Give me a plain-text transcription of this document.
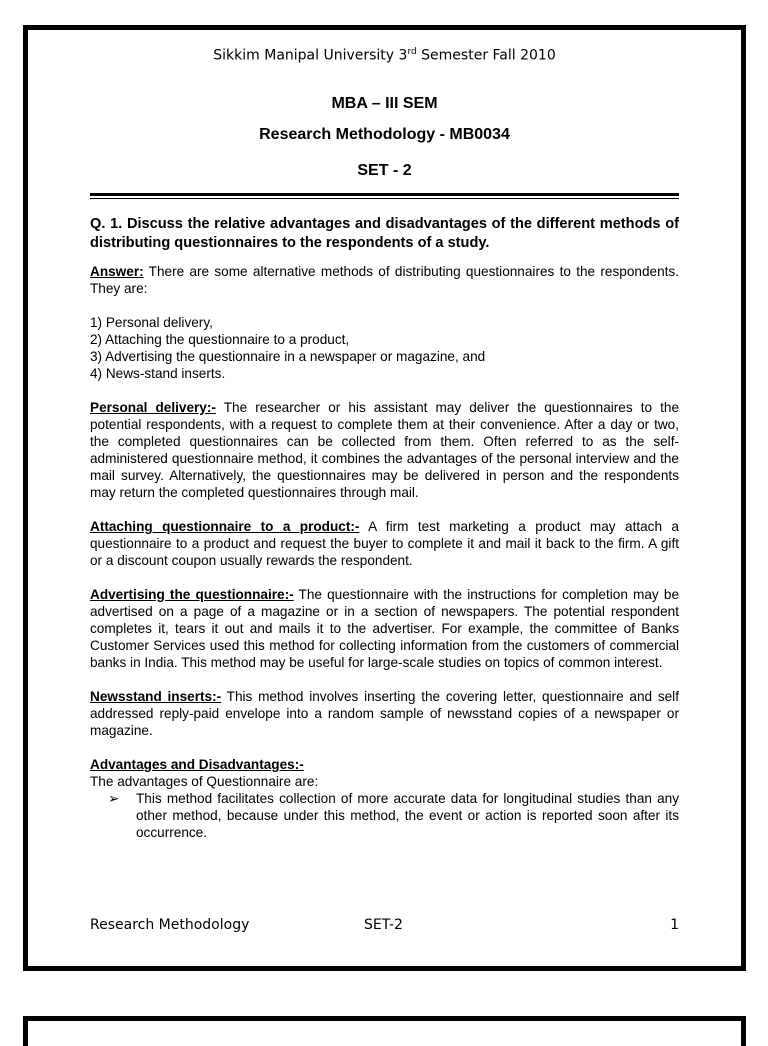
Sikkim Manipal University 3rd Semester Fall 2010
MBA – III SEM
Research Methodology - MB0034
SET - 2
Q. 1. Discuss the relative advantages and disadvantages of the different methods of distributing questionnaires to the respondents of a study.

Answer: There are some alternative methods of distributing questionnaires to the respondents. They are:

1) Personal delivery,
2) Attaching the questionnaire to a product,
3) Advertising the questionnaire in a newspaper or magazine, and
4) News-stand inserts.

Personal delivery:- The researcher or his assistant may deliver the questionnaires to the potential respondents, with a request to complete them at their convenience. After a day or two, the completed questionnaires can be collected from them. Often referred to as the self-administered questionnaire method, it combines the advantages of the personal interview and the mail survey. Alternatively, the questionnaires may be delivered in person and the respondents may return the completed questionnaires through mail.

Attaching questionnaire to a product:- A firm test marketing a product may attach a questionnaire to a product and request the buyer to complete it and mail it back to the firm. A gift or a discount coupon usually rewards the respondent.

Advertising the questionnaire:- The questionnaire with the instructions for completion may be advertised on a page of a magazine or in a section of newspapers. The potential respondent completes it, tears it out and mails it to the advertiser. For example, the committee of Banks Customer Services used this method for collecting information from the customers of commercial banks in India. This method may be useful for large-scale studies on topics of common interest.

Newsstand inserts:- This method involves inserting the covering letter, questionnaire and self addressed reply-paid envelope into a random sample of newsstand copies of a newspaper or magazine.

Advantages and Disadvantages:-
The advantages of Questionnaire are:
➢	This method facilitates collection of more accurate data for longitudinal studies than any other method, because under this method, the event or action is reported soon after its occurrence.
Research Methodology	SET-2	1
